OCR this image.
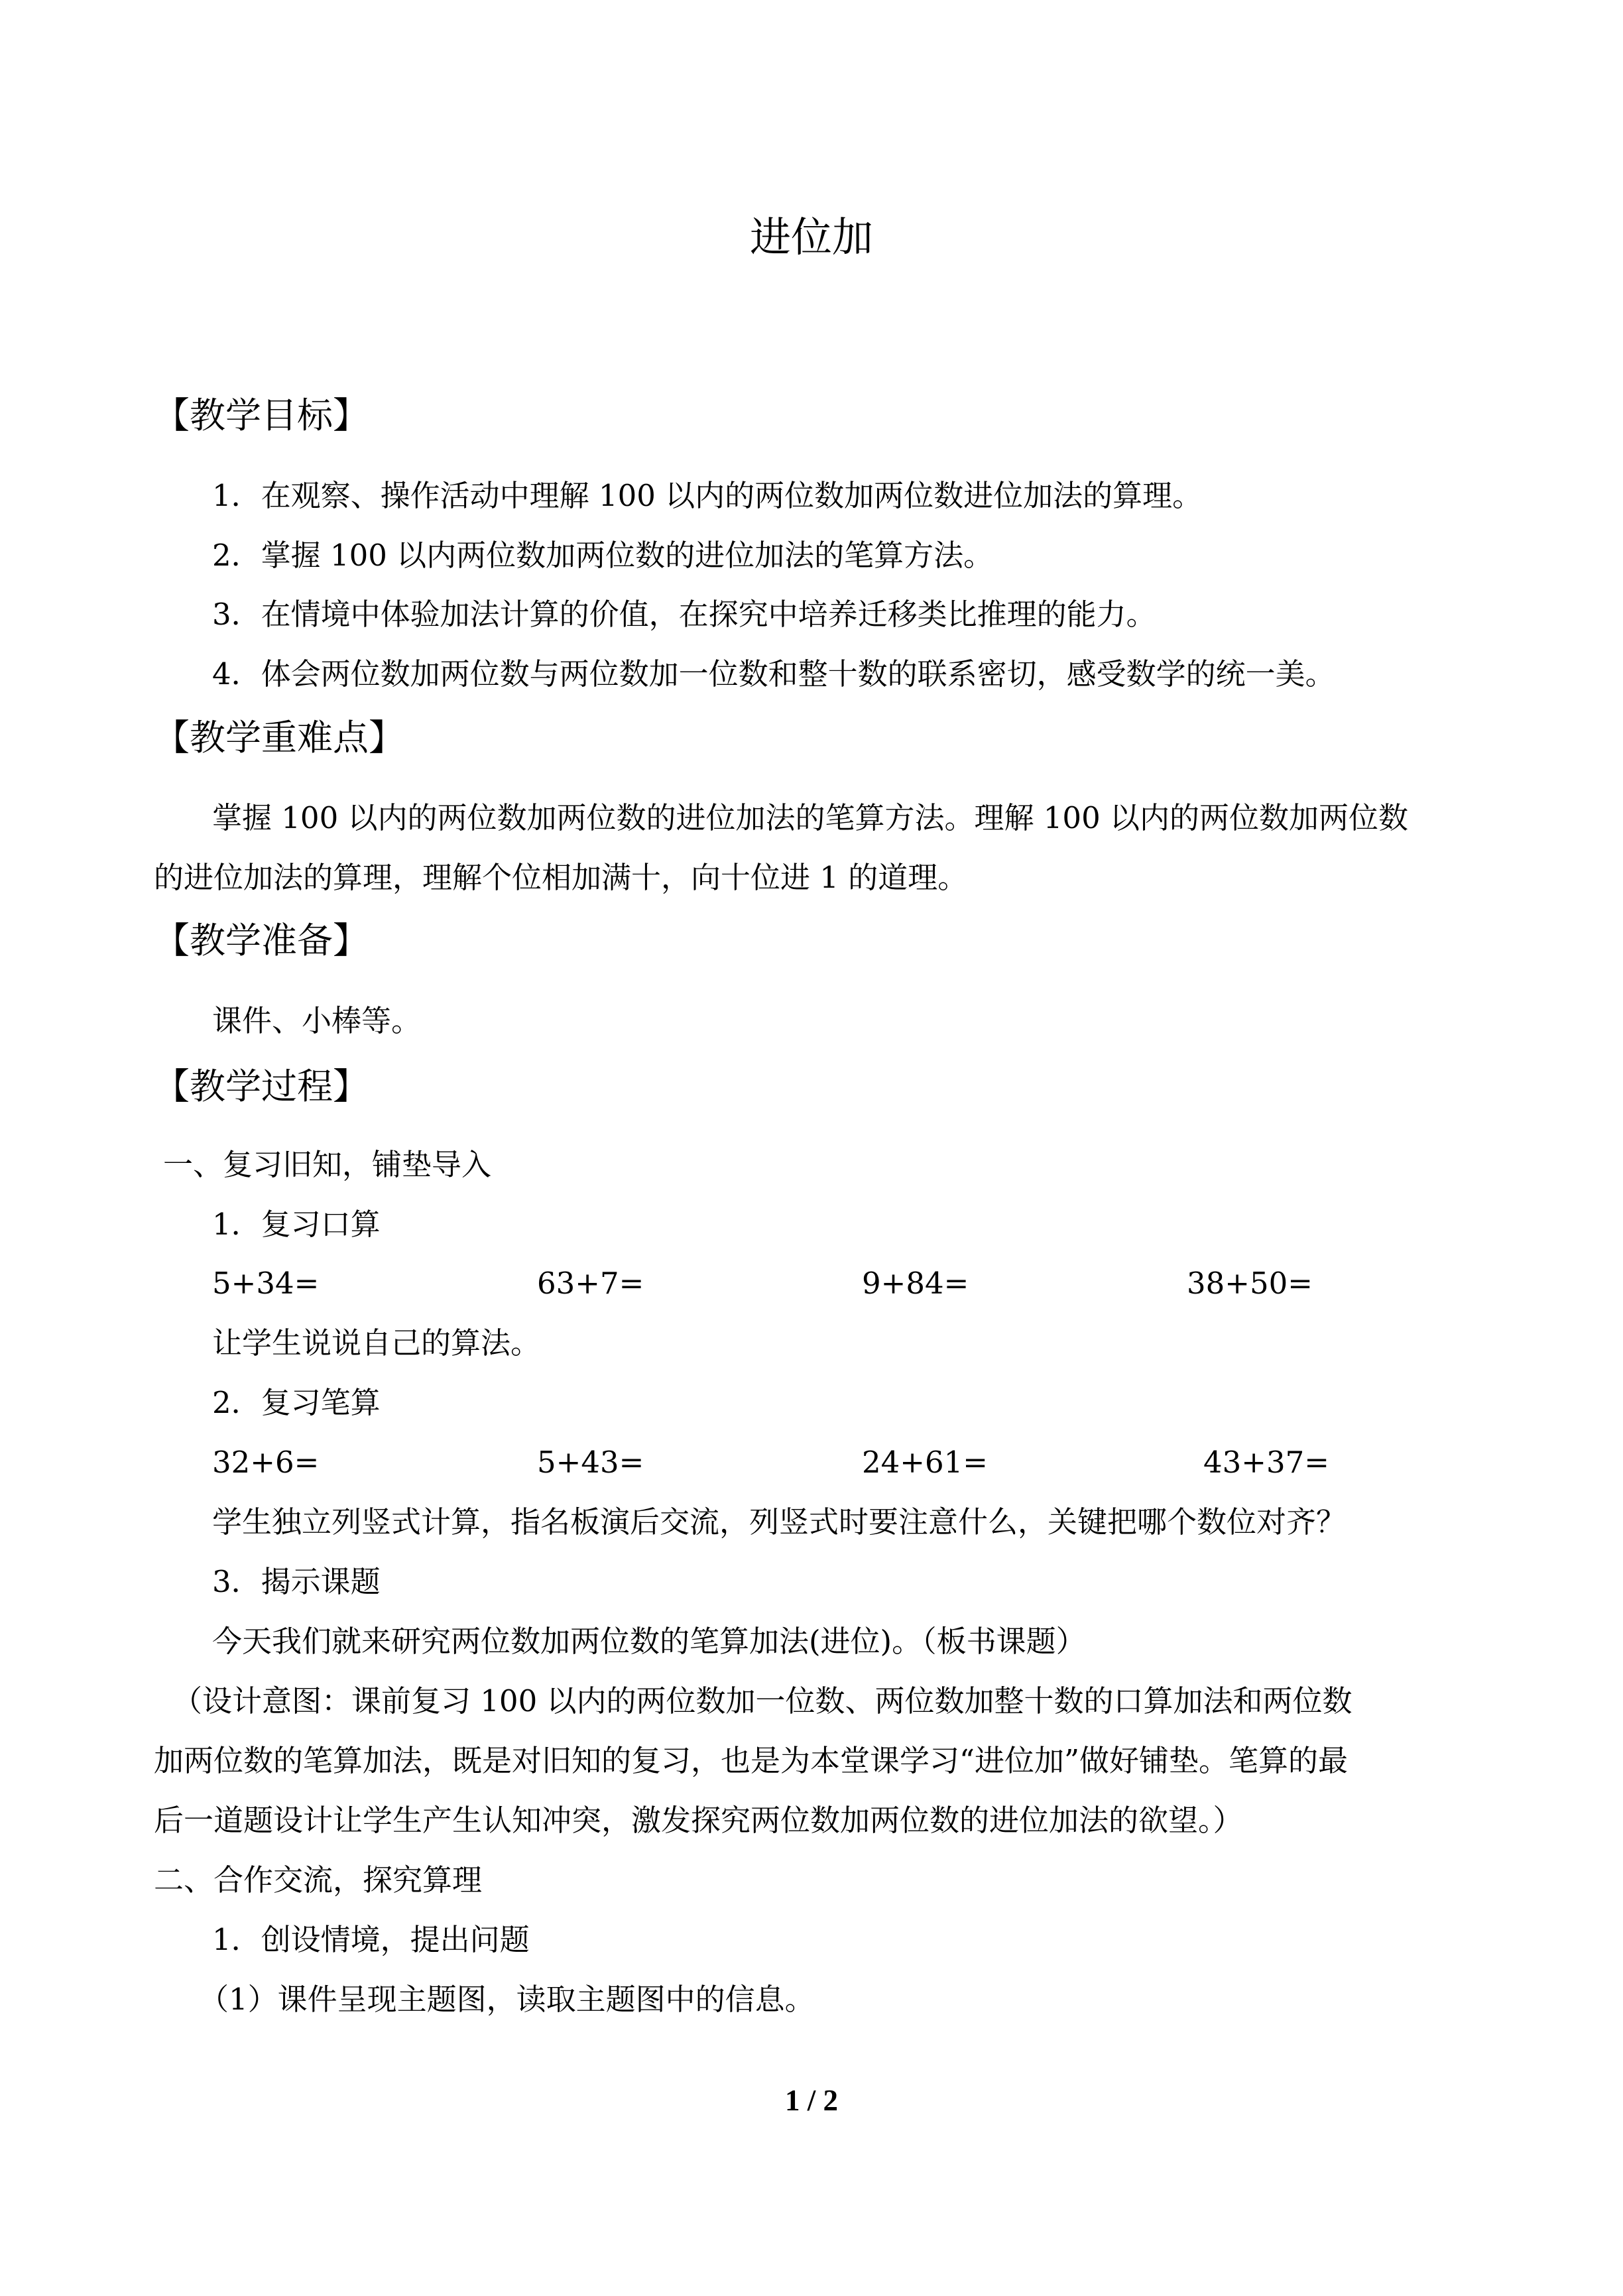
进位加
【教学目标】
1．在观察、操作活动中理解 100 以内的两位数加两位数进位加法的算理。
2．掌握 100 以内两位数加两位数的进位加法的笔算方法。
3．在情境中体验加法计算的价值，在探究中培养迁移类比推理的能力。
4．体会两位数加两位数与两位数加一位数和整十数的联系密切，感受数学的统一美。
【教学重难点】
掌握 100 以内的两位数加两位数的进位加法的笔算方法。理解 100 以内的两位数加两位数
的进位加法的算理，理解个位相加满十，向十位进 1 的道理。
【教学准备】
课件、小棒等。
【教学过程】
一、复习旧知，铺垫导入
1．复习口算
5+34=	63+7=	9+84=	38+50=
让学生说说自己的算法。
2．复习笔算
32+6=	5+43=	24+61=	43+37=
学生独立列竖式计算，指名板演后交流，列竖式时要注意什么，关键把哪个数位对齐？
3．揭示课题
今天我们就来研究两位数加两位数的笔算加法(进位)。（板书课题）
（设计意图：课前复习 100 以内的两位数加一位数、两位数加整十数的口算加法和两位数
加两位数的笔算加法，既是对旧知的复习，也是为本堂课学习“进位加”做好铺垫。笔算的最
后一道题设计让学生产生认知冲突，激发探究两位数加两位数的进位加法的欲望。）
二、合作交流，探究算理
1．创设情境，提出问题
（1）课件呈现主题图，读取主题图中的信息。
1 / 2
